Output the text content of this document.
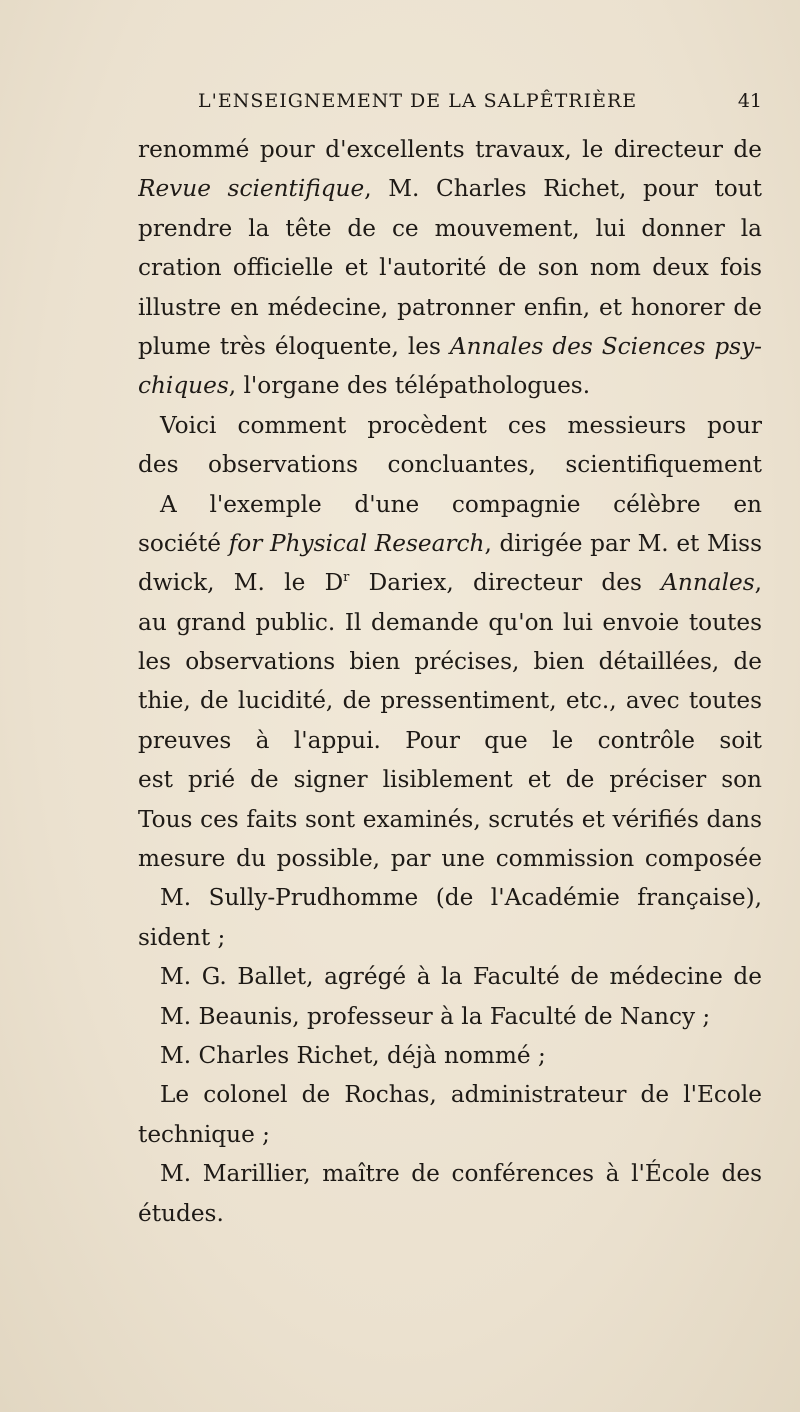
L'ENSEIGNEMENT DE LA SALPÊTRIÈRE	41
renommé pour d'excellents travaux, le directeur de
Revue scientifique, M. Charles Richet, pour tout
prendre la tête de ce mouvement, lui donner la
cration officielle et l'autorité de son nom deux fois
illustre en médecine, patronner enfin, et honorer de
plume très éloquente, les Annales des Sciences psy-
chiques, l'organe des télépathologues.
Voici comment procèdent ces messieurs pour
des observations concluantes, scientifiquement
A l'exemple d'une compagnie célèbre en
société for Physical Research, dirigée par M. et Miss
dwick, M. le $D^r$ Dariex, directeur des Annales,
au grand public. Il demande qu'on lui envoie toutes
les observations bien précises, bien détaillées, de
thie, de lucidité, de pressentiment, etc., avec toutes
preuves à l'appui. Pour que le contrôle soit
est prié de signer lisiblement et de préciser son
Tous ces faits sont examinés, scrutés et vérifiés dans
mesure du possible, par une commission composée
M. Sully-Prudhomme (de l'Académie française),
sident ;
M. G. Ballet, agrégé à la Faculté de médecine de
M. Beaunis, professeur à la Faculté de Nancy ;
M. Charles Richet, déjà nommé ;
Le colonel de Rochas, administrateur de l'Ecole
technique ;
M. Marillier, maître de conférences à l'École des
études.
